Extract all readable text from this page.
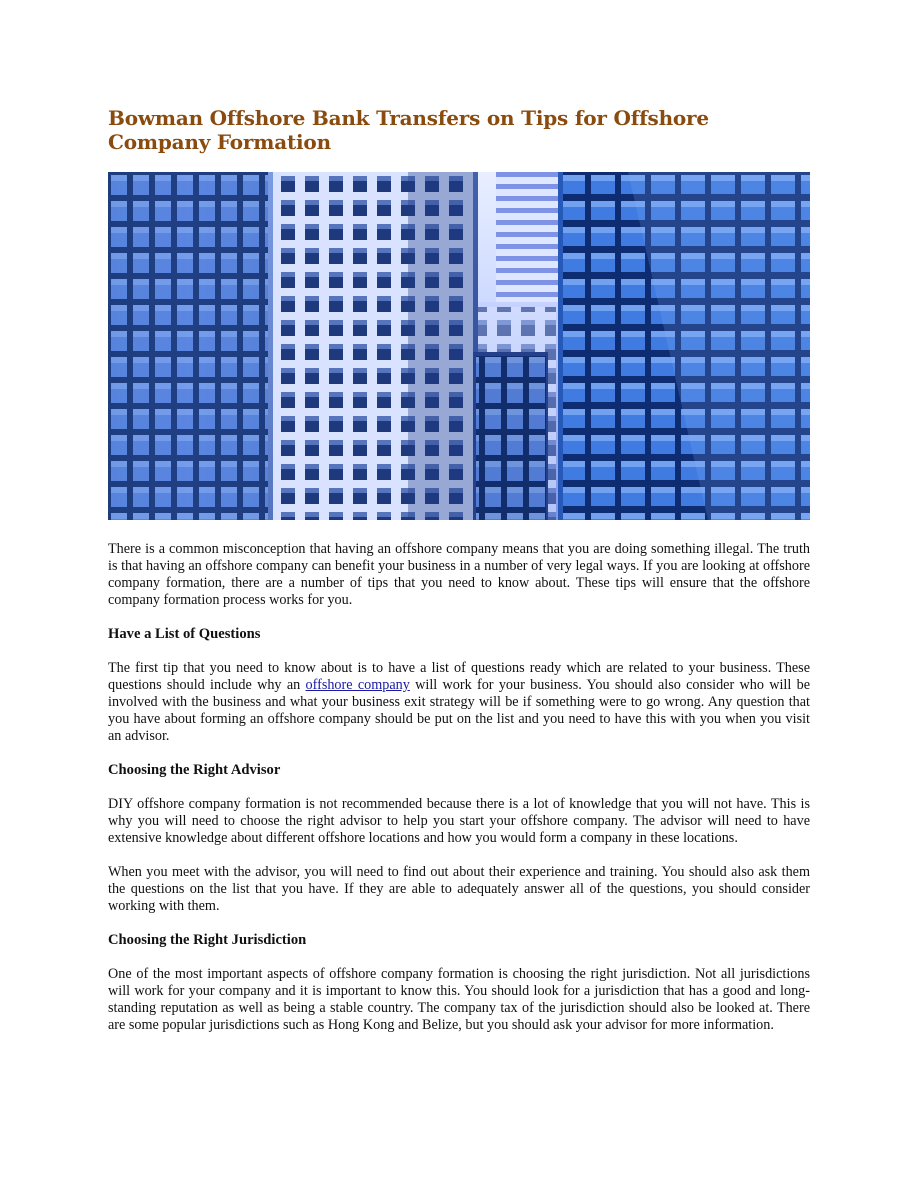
Bowman Offshore Bank Transfers on Tips for Offshore Company Formation

There is a common misconception that having an offshore company means that you are doing something illegal. The truth is that having an offshore company can benefit your business in a number of very legal ways. If you are looking at offshore company formation, there are a number of tips that you need to know about. These tips will ensure that the offshore company formation process works for you.

Have a List of Questions

The first tip that you need to know about is to have a list of questions ready which are related to your business. These questions should include why an offshore company will work for your business. You should also consider who will be involved with the business and what your business exit strategy will be if something were to go wrong. Any question that you have about forming an offshore company should be put on the list and you need to have this with you when you visit an advisor.

Choosing the Right Advisor

DIY offshore company formation is not recommended because there is a lot of knowledge that you will not have. This is why you will need to choose the right advisor to help you start your offshore company. The advisor will need to have extensive knowledge about different offshore locations and how you would form a company in these locations.

When you meet with the advisor, you will need to find out about their experience and training. You should also ask them the questions on the list that you have. If they are able to adequately answer all of the questions, you should consider working with them.

Choosing the Right Jurisdiction

One of the most important aspects of offshore company formation is choosing the right jurisdiction. Not all jurisdictions will work for your company and it is important to know this. You should look for a jurisdiction that has a good and long-standing reputation as well as being a stable country. The company tax of the jurisdiction should also be looked at. There are some popular jurisdictions such as Hong Kong and Belize, but you should ask your advisor for more information.
